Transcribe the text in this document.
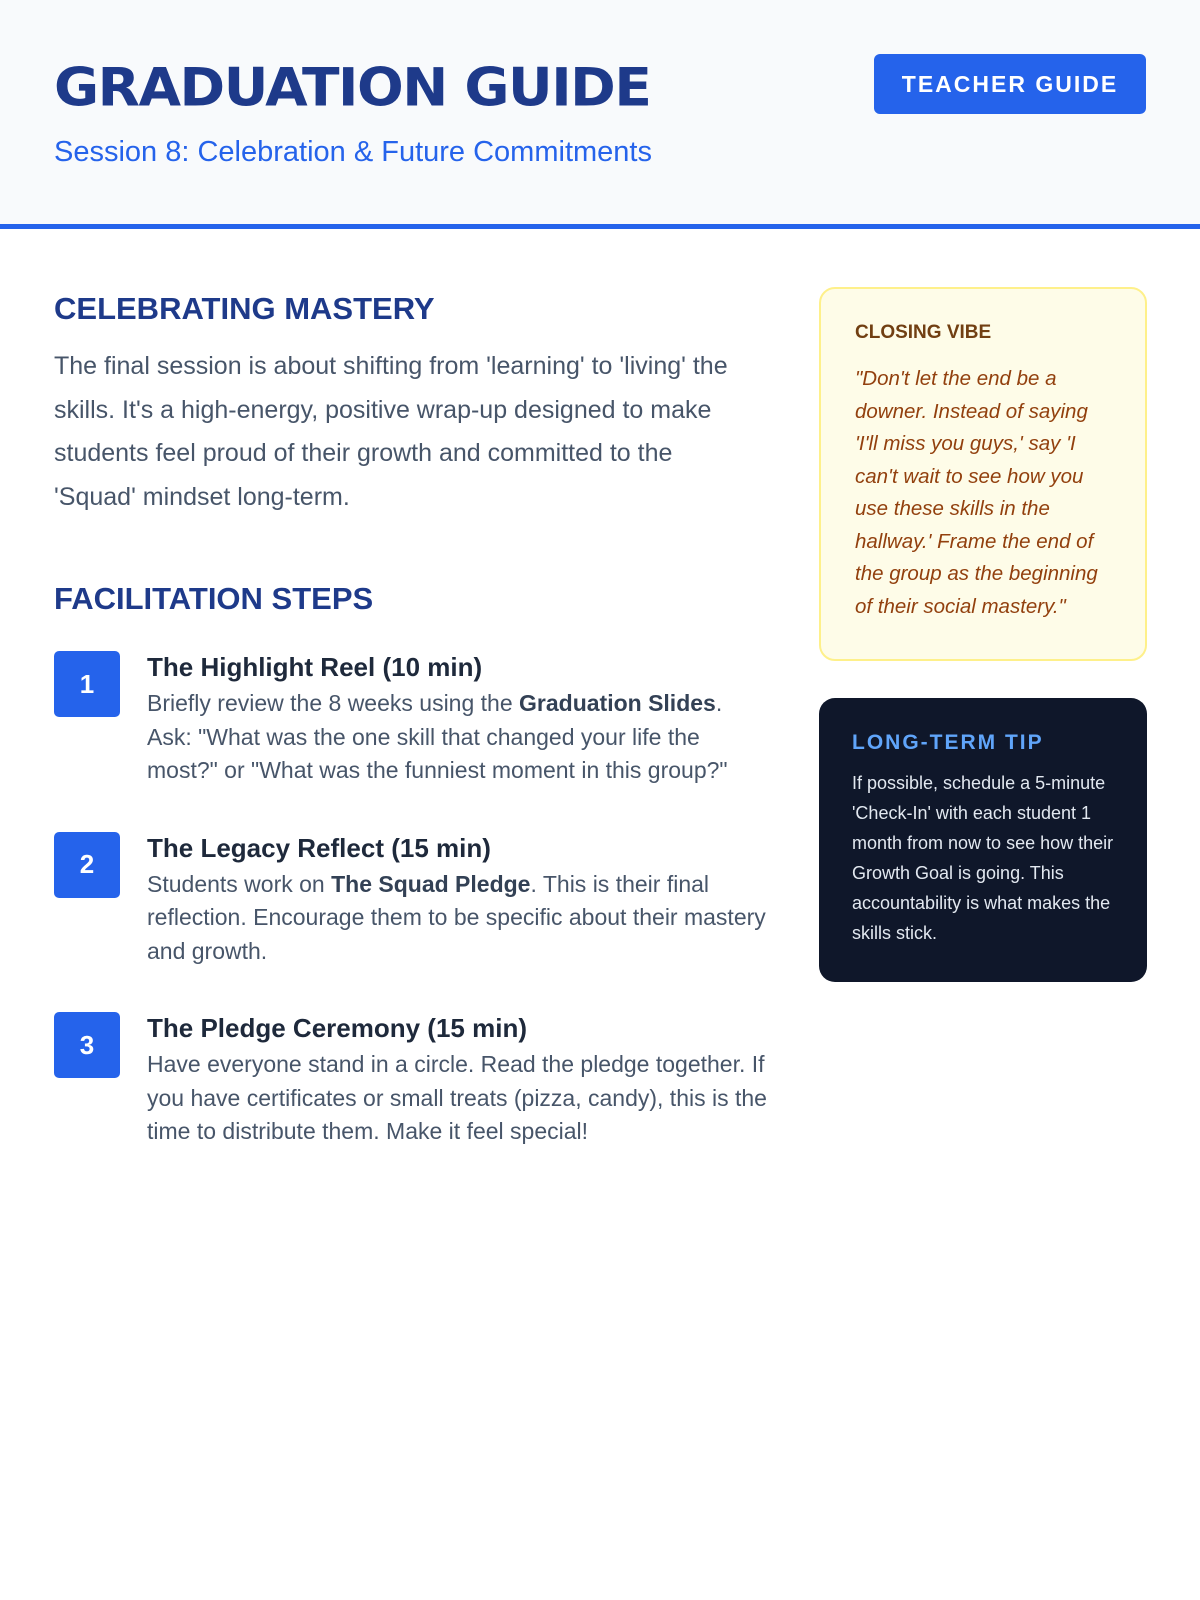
GRADUATION GUIDE
Session 8: Celebration & Future Commitments
TEACHER GUIDE
CELEBRATING MASTERY

The final session is about shifting from 'learning' to 'living' the skills. It's a high-energy, positive wrap-up designed to make students feel proud of their growth and committed to the 'Squad' mindset long-term.

FACILITATION STEPS
1
The Highlight Reel (10 min)
Briefly review the 8 weeks using the Graduation Slides. Ask: "What was the one skill that changed your life the most?" or "What was the funniest moment in this group?"
2
The Legacy Reflect (15 min)
Students work on The Squad Pledge. This is their final reflection. Encourage them to be specific about their mastery and growth.
3
The Pledge Ceremony (15 min)
Have everyone stand in a circle. Read the pledge together. If you have certificates or small treats (pizza, candy), this is the time to distribute them. Make it feel special!
CLOSING VIBE
"Don't let the end be a downer. Instead of saying 'I'll miss you guys,' say 'I can't wait to see how you use these skills in the hallway.' Frame the end of the group as the beginning of their social mastery."
LONG-TERM TIP
If possible, schedule a 5-minute 'Check-In' with each student 1 month from now to see how their Growth Goal is going. This accountability is what makes the skills stick.
